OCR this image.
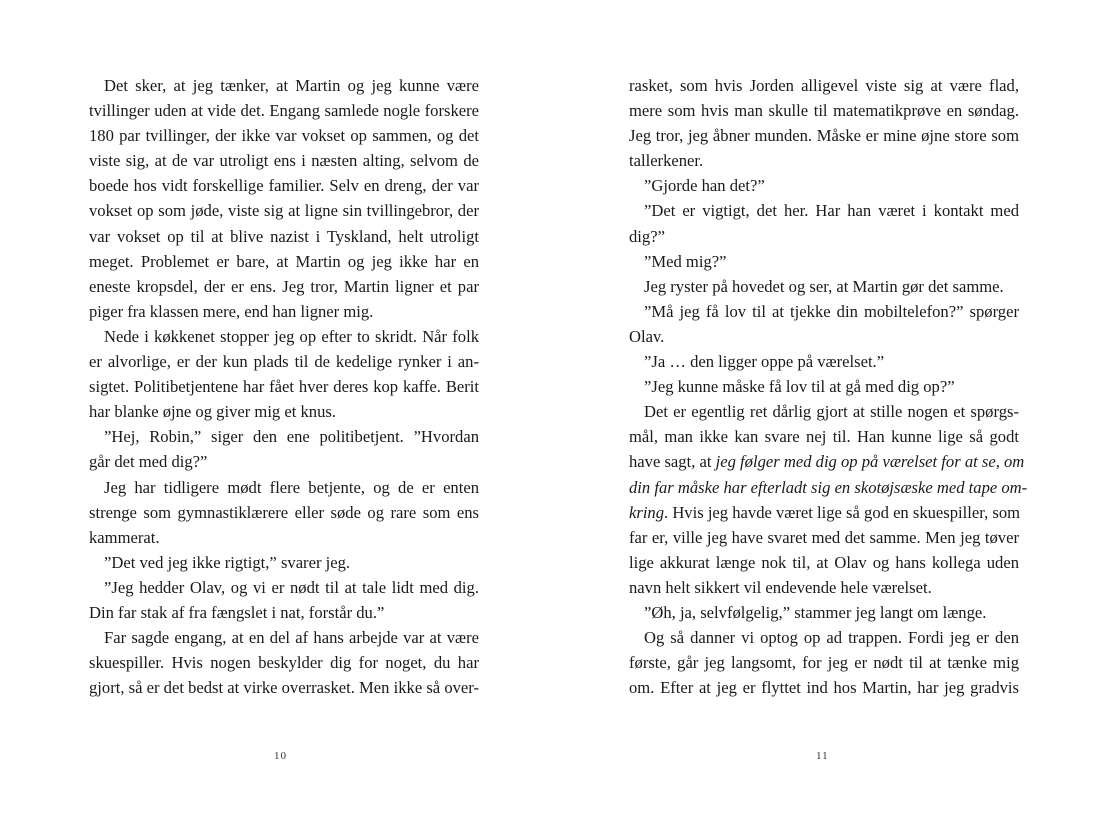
Det sker, at jeg tænker, at Martin og jeg kunne være
tvillinger uden at vide det. Engang samlede nogle forskere
180 par tvillinger, der ikke var vokset op sammen, og det
viste sig, at de var utroligt ens i næsten alting, selvom de
boede hos vidt forskellige familier. Selv en dreng, der var
vokset op som jøde, viste sig at ligne sin tvillingebror, der
var vokset op til at blive nazist i Tyskland, helt utroligt
meget. Problemet er bare, at Martin og jeg ikke har en
eneste kropsdel, der er ens. Jeg tror, Martin ligner et par
piger fra klassen mere, end han ligner mig.
Nede i køkkenet stopper jeg op efter to skridt. Når folk
er alvorlige, er der kun plads til de kedelige rynker i an-
sigtet. Politibetjentene har fået hver deres kop kaffe. Berit
har blanke øjne og giver mig et knus.
”Hej, Robin,” siger den ene politibetjent. ”Hvordan
går det med dig?”
Jeg har tidligere mødt flere betjente, og de er enten
strenge som gymnastiklærere eller søde og rare som ens
kammerat.
”Det ved jeg ikke rigtigt,” svarer jeg.
”Jeg hedder Olav, og vi er nødt til at tale lidt med dig.
Din far stak af fra fængslet i nat, forstår du.”
Far sagde engang, at en del af hans arbejde var at være
skuespiller. Hvis nogen beskylder dig for noget, du har
gjort, så er det bedst at virke overrasket. Men ikke så over-
rasket, som hvis Jorden alligevel viste sig at være flad,
mere som hvis man skulle til matematikprøve en søndag.
Jeg tror, jeg åbner munden. Måske er mine øjne store som
tallerkener.
”Gjorde han det?”
”Det er vigtigt, det her. Har han været i kontakt med
dig?”
”Med mig?”
Jeg ryster på hovedet og ser, at Martin gør det samme.
”Må jeg få lov til at tjekke din mobiltelefon?” spørger
Olav.
”Ja … den ligger oppe på værelset.”
”Jeg kunne måske få lov til at gå med dig op?”
Det er egentlig ret dårlig gjort at stille nogen et spørgs-
mål, man ikke kan svare nej til. Han kunne lige så godt
have sagt, at jeg følger med dig op på værelset for at se, om
din far måske har efterladt sig en skotøjsæske med tape om-
kring. Hvis jeg havde været lige så god en skuespiller, som
far er, ville jeg have svaret med det samme. Men jeg tøver
lige akkurat længe nok til, at Olav og hans kollega uden
navn helt sikkert vil endevende hele værelset.
”Øh, ja, selvfølgelig,” stammer jeg langt om længe.
Og så danner vi optog op ad trappen. Fordi jeg er den
første, går jeg langsomt, for jeg er nødt til at tænke mig
om. Efter at jeg er flyttet ind hos Martin, har jeg gradvis
10	11
